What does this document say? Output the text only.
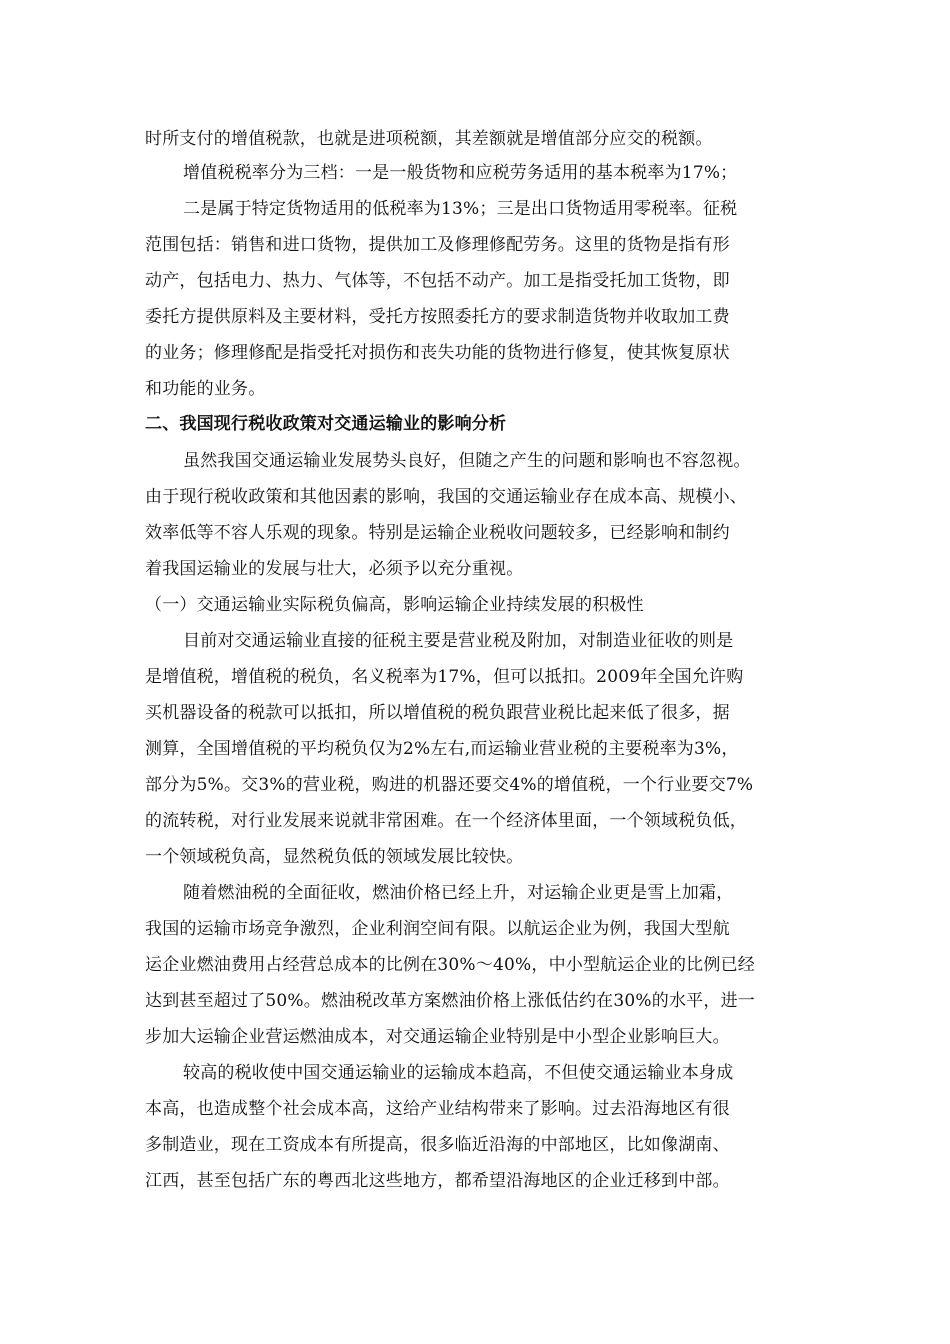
时所支付的增值税款，也就是进项税额，其差额就是增值部分应交的税额。
增值税税率分为三档：一是一般货物和应税劳务适用的基本税率为17%；
二是属于特定货物适用的低税率为13%；三是出口货物适用零税率。征税
范围包括：销售和进口货物，提供加工及修理修配劳务。这里的货物是指有形
动产，包括电力、热力、气体等，不包括不动产。加工是指受托加工货物，即
委托方提供原料及主要材料，受托方按照委托方的要求制造货物并收取加工费
的业务；修理修配是指受托对损伤和丧失功能的货物进行修复，使其恢复原状
和功能的业务。
二、我国现行税收政策对交通运输业的影响分析
虽然我国交通运输业发展势头良好，但随之产生的问题和影响也不容忽视。
由于现行税收政策和其他因素的影响，我国的交通运输业存在成本高、规模小、
效率低等不容人乐观的现象。特别是运输企业税收问题较多，已经影响和制约
着我国运输业的发展与壮大，必须予以充分重视。
（一）交通运输业实际税负偏高，影响运输企业持续发展的积极性
目前对交通运输业直接的征税主要是营业税及附加，对制造业征收的则是
是增值税，增值税的税负，名义税率为17%，但可以抵扣。2009年全国允许购
买机器设备的税款可以抵扣，所以增值税的税负跟营业税比起来低了很多，据
测算，全国增值税的平均税负仅为2%左右,而运输业营业税的主要税率为3%，
部分为5%。交3%的营业税，购进的机器还要交4%的增值税，一个行业要交7%
的流转税，对行业发展来说就非常困难。在一个经济体里面，一个领域税负低，
一个领域税负高，显然税负低的领域发展比较快。
随着燃油税的全面征收，燃油价格已经上升，对运输企业更是雪上加霜，
我国的运输市场竞争激烈，企业利润空间有限。以航运企业为例，我国大型航
运企业燃油费用占经营总成本的比例在30%～40%，中小型航运企业的比例已经
达到甚至超过了50%。燃油税改革方案燃油价格上涨低估约在30%的水平，进一
步加大运输企业营运燃油成本，对交通运输企业特别是中小型企业影响巨大。
较高的税收使中国交通运输业的运输成本趋高，不但使交通运输业本身成
本高，也造成整个社会成本高，这给产业结构带来了影响。过去沿海地区有很
多制造业，现在工资成本有所提高，很多临近沿海的中部地区，比如像湖南、
江西，甚至包括广东的粤西北这些地方，都希望沿海地区的企业迁移到中部。
